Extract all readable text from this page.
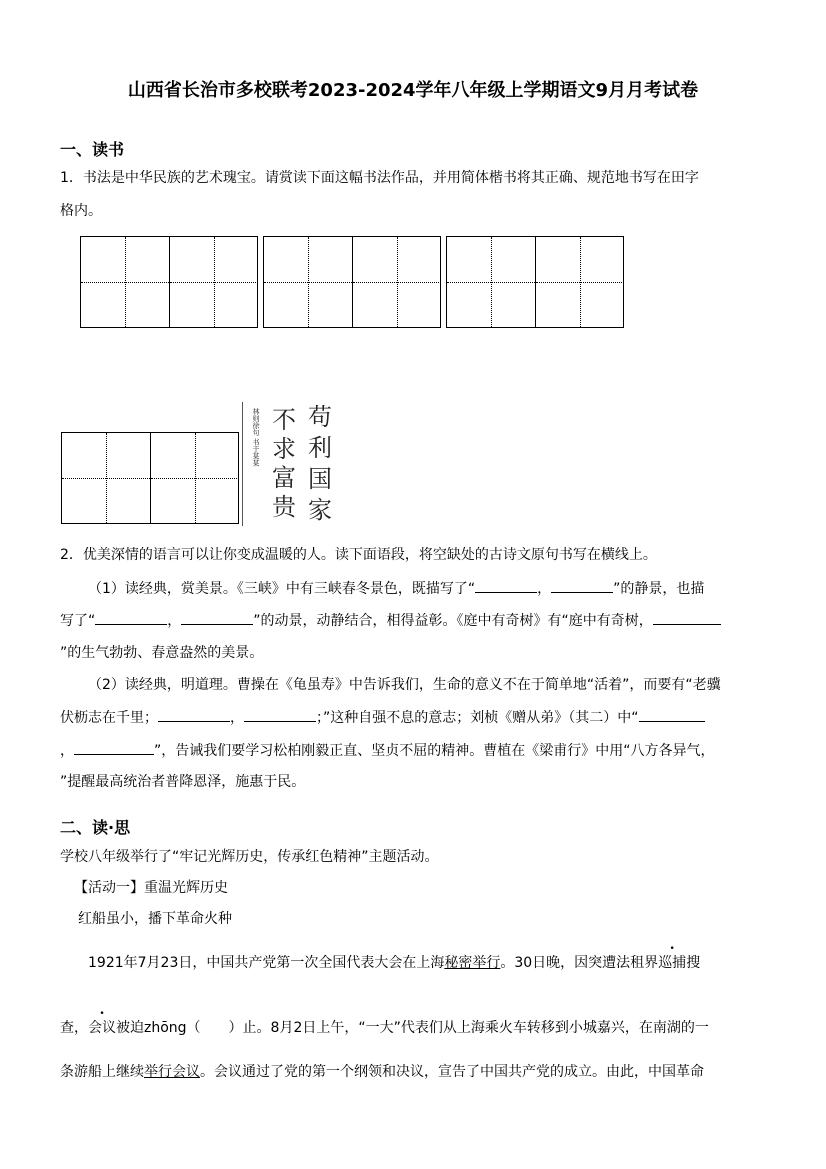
山西省长治市多校联考2023-2024学年八年级上学期语文9月月考试卷
一、读书
1．书法是中华民族的艺术瑰宝。请赏读下面这幅书法作品，并用简体楷书将其正确、规范地书写在田字
格内。
林则徐句 书于某某 不求富贵
苟利国家
2．优美深情的语言可以让你变成温暖的人。读下面语段，将空缺处的古诗文原句书写在横线上。
（1）读经典，赏美景。《三峡》中有三峡春冬景色，既描写了“	，	”的静景，也描
写了“	，	”的动景，动静结合，相得益彰。《庭中有奇树》有“庭中有奇树，
”的生气勃勃、春意盎然的美景。
（2）读经典，明道理。曹操在《龟虽寿》中告诉我们，生命的意义不在于简单地“活着”，而要有“老骥
伏枥志在千里；	，	；”这种自强不息的意志；刘桢《赠从弟》（其二）中“
，	”，告诫我们要学习松柏刚毅正直、坚贞不屈的精神。曹植在《梁甫行》中用“八方各异气，
”提醒最高统治者普降恩泽，施惠于民。
二、读·思
学校八年级举行了“牢记光辉历史，传承红色精神”主题活动。
【活动一】重温光辉历史
红船虽小，播下革命火种
1921年7月23日，中国共产党第一次全国代表大会在上海秘密举行。30日晚，因突遭法租界巡捕搜
查，会议被迫zhōng（　　）止。8月2日上午，“一大”代表们从上海乘火车转移到小城嘉兴，在南湖的一
条游船上继续举行会议。会议通过了党的第一个纲领和决议，宣告了中国共产党的成立。由此，中国革命
